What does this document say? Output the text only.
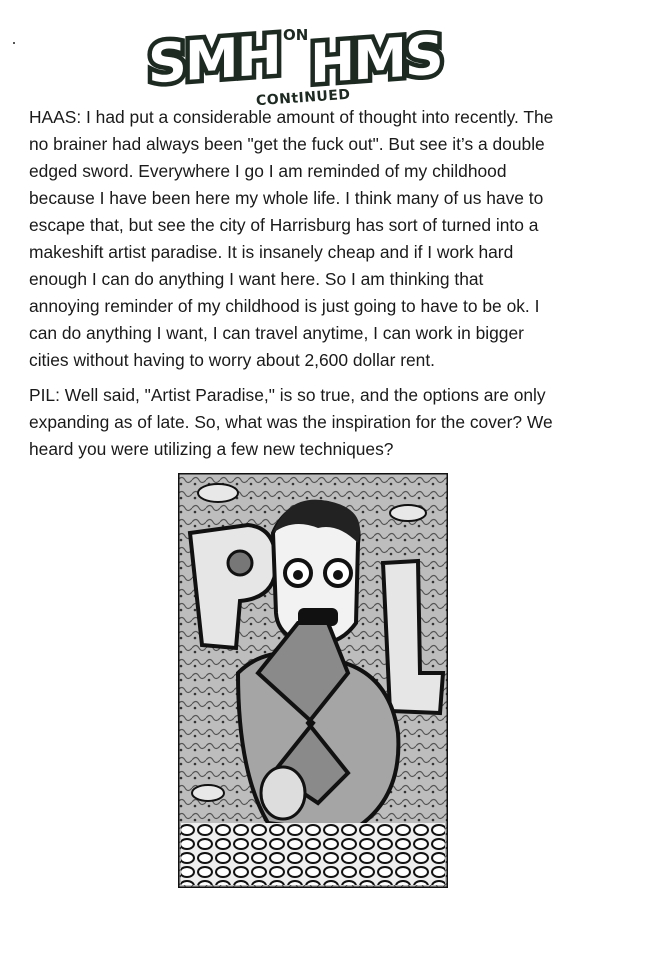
SMH ON HMS
CONtINUED
HAAS: I had put a considerable amount of thought into recently. The
no brainer had always been "get the fuck out". But see it’s a double
edged sword. Everywhere I go I am reminded of my childhood
because I have been here my whole life. I think many of us have to
escape that, but see the city of Harrisburg has sort of turned into a
makeshift artist paradise. It is insanely cheap and if I work hard
enough I can do anything I want here. So I am thinking that
annoying reminder of my childhood is just going to have to be ok. I
can do anything I want, I can travel anytime, I can work in bigger
cities without having to worry about 2,600 dollar rent.
PIL: Well said, "Artist Paradise," is so true, and the options are only
expanding as of late. So, what was the inspiration for the cover? We
heard you were utilizing a few new techniques?
